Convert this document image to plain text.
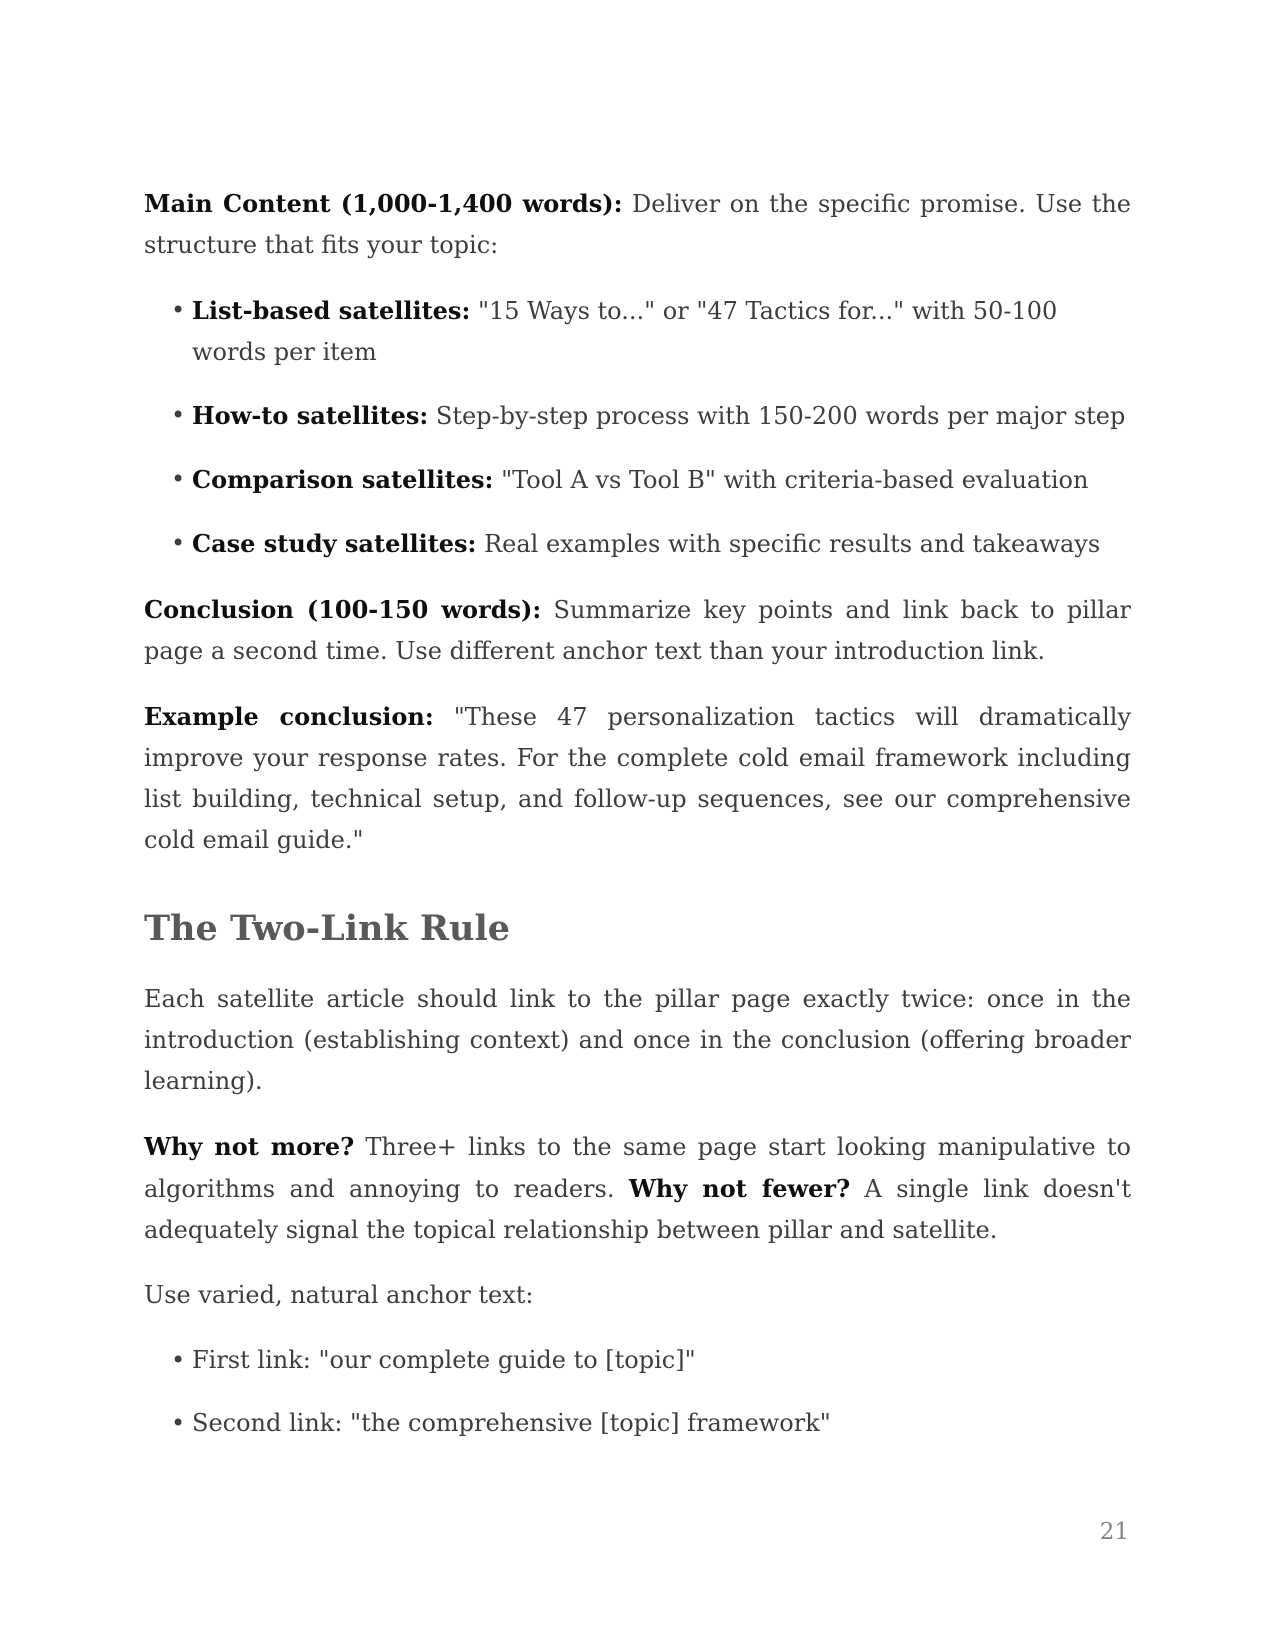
Main Content (1,000-1,400 words): Deliver on the specific promise. Use the structure that fits your topic:

• List-based satellites: "15 Ways to..." or "47 Tactics for..." with 50-100 words per item
• How-to satellites: Step-by-step process with 150-200 words per major step
• Comparison satellites: "Tool A vs Tool B" with criteria-based evaluation
• Case study satellites: Real examples with specific results and takeaways

Conclusion (100-150 words): Summarize key points and link back to pillar page a second time. Use different anchor text than your introduction link.

Example conclusion: "These 47 personalization tactics will dramatically improve your response rates. For the complete cold email framework including list building, technical setup, and follow-up sequences, see our comprehensive cold email guide."

The Two-Link Rule

Each satellite article should link to the pillar page exactly twice: once in the introduction (establishing context) and once in the conclusion (offering broader learning).

Why not more? Three+ links to the same page start looking manipulative to algorithms and annoying to readers. Why not fewer? A single link doesn't adequately signal the topical relationship between pillar and satellite.

Use varied, natural anchor text:

• First link: "our complete guide to [topic]"
• Second link: "the comprehensive [topic] framework"
21
